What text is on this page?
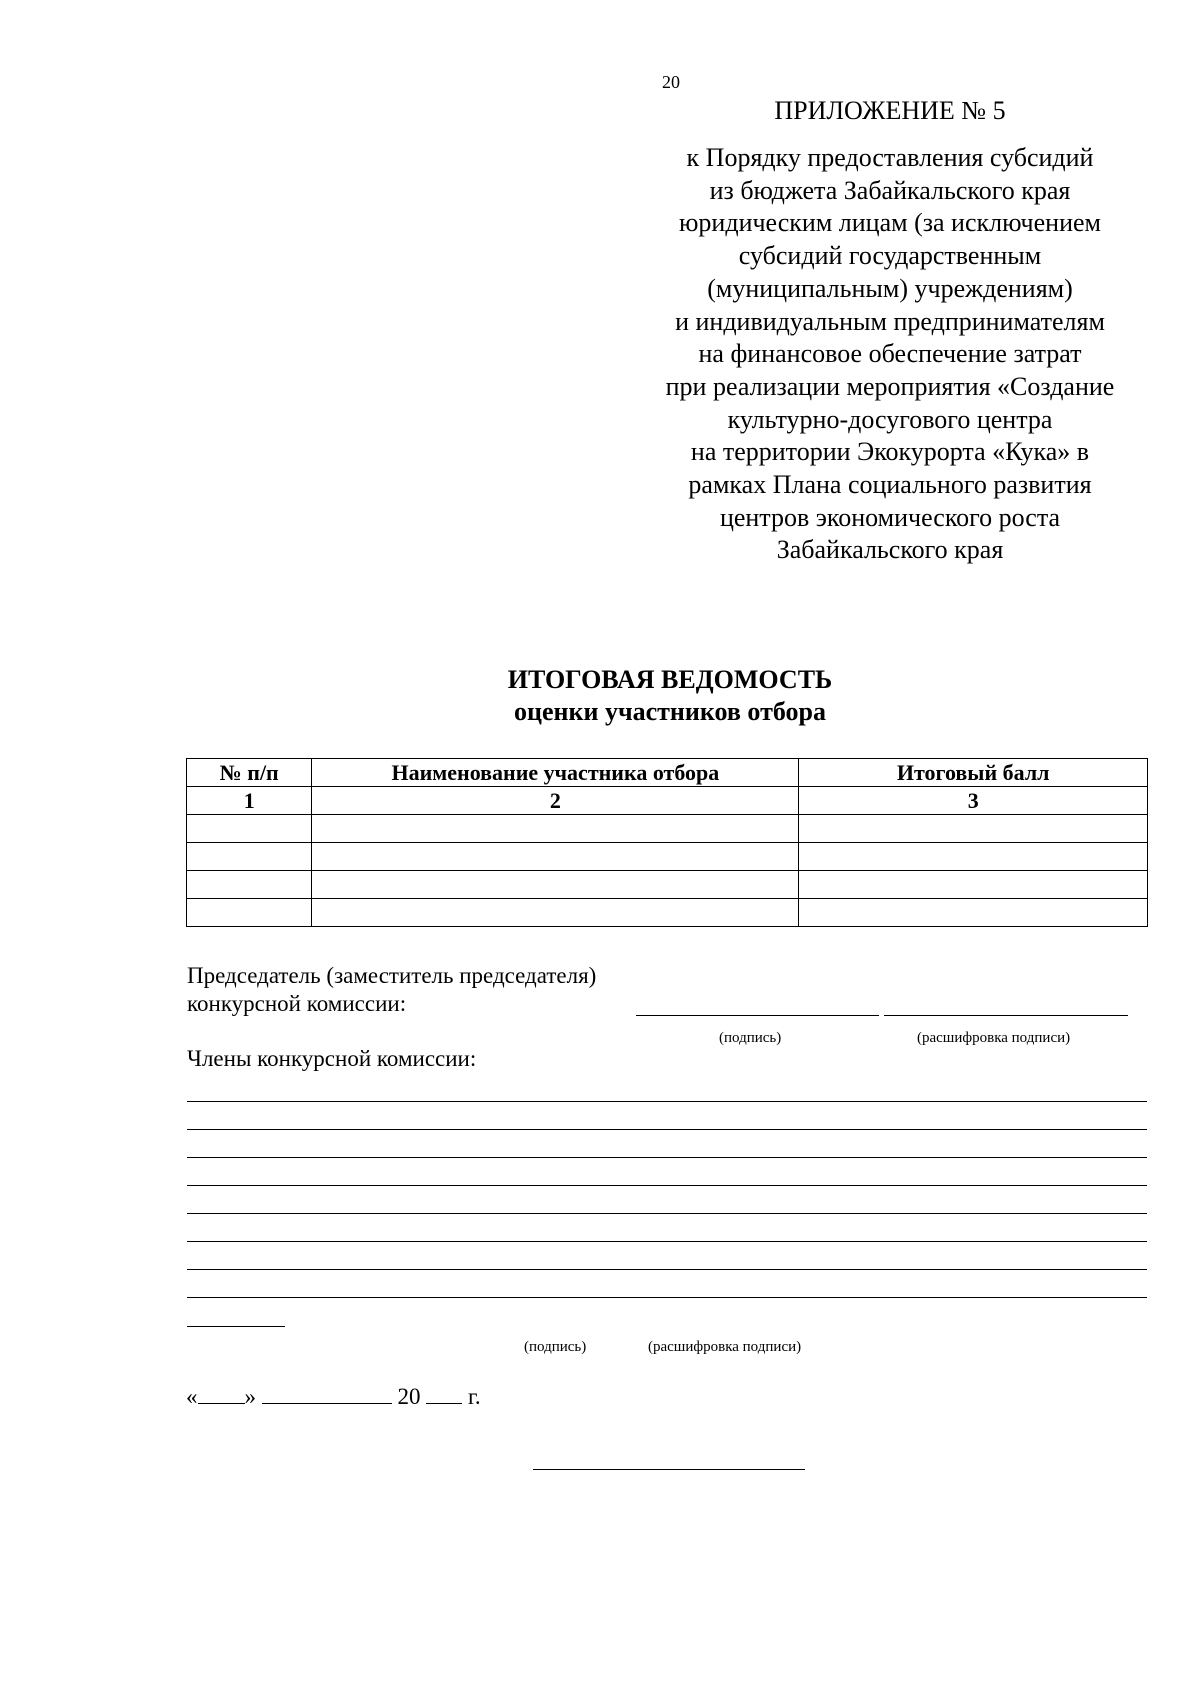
20
ПРИЛОЖЕНИЕ № 5
к Порядку предоставления субсидий
из бюджета Забайкальского края
юридическим лицам (за исключением
субсидий государственным
(муниципальным) учреждениям)
и индивидуальным предпринимателям
на финансовое обеспечение затрат
при реализации мероприятия «Создание
культурно-досугового центра
на территории Экокурорта «Кука» в
рамках Плана социального развития
центров экономического роста
Забайкальского края
ИТОГОВАЯ ВЕДОМОСТЬ
оценки участников отбора
№ п/п	Наименование участника отбора	Итоговый балл
1	2	3

Председатель (заместитель председателя)
конкурсной комиссии:
(подпись)	(расшифровка подписи)
Члены конкурсной комиссии:
(подпись)	(расшифровка подписи)
« »	20 г.
